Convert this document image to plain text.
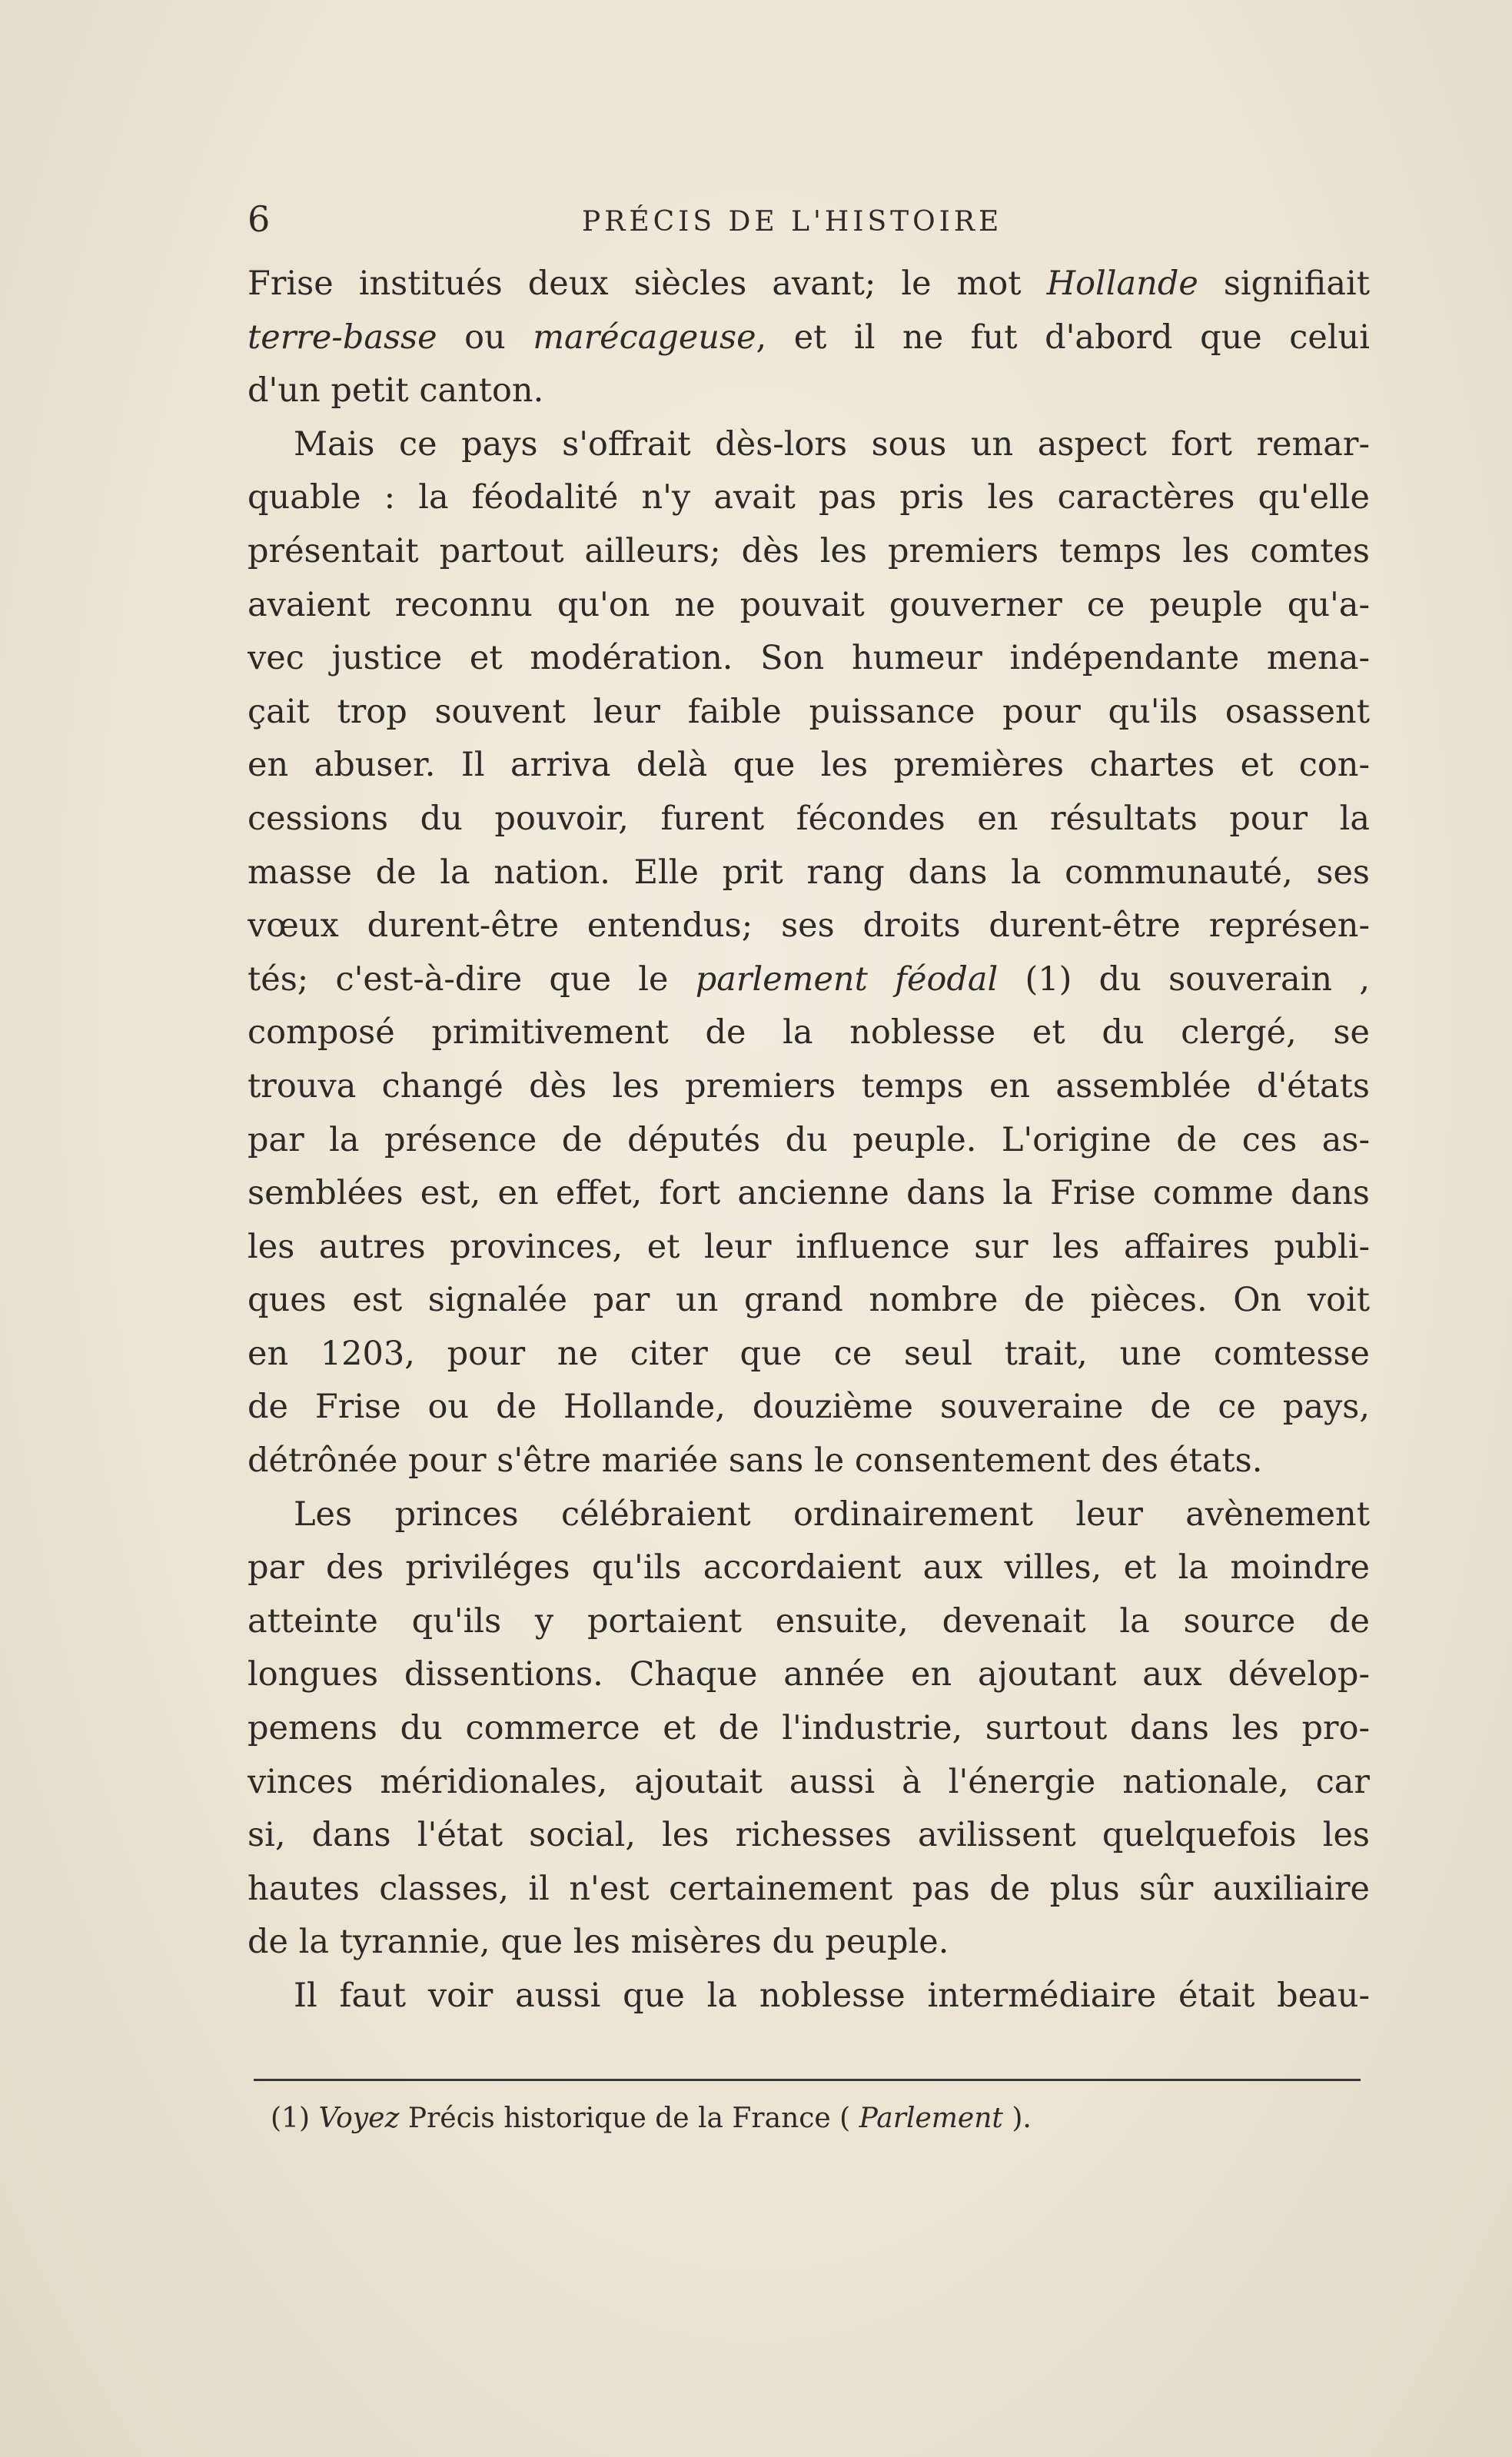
6	PRÉCIS DE L'HISTOIRE
Frise institués deux siècles avant; le mot Hollande signifiait
terre-basse ou marécageuse, et il ne fut d'abord que celui
d'un petit canton.
Mais ce pays s'offrait dès-lors sous un aspect fort remar-
quable : la féodalité n'y avait pas pris les caractères qu'elle
présentait partout ailleurs; dès les premiers temps les comtes
avaient reconnu qu'on ne pouvait gouverner ce peuple qu'a-
vec justice et modération. Son humeur indépendante mena-
çait trop souvent leur faible puissance pour qu'ils osassent
en abuser. Il arriva delà que les premières chartes et con-
cessions du pouvoir, furent fécondes en résultats pour la
masse de la nation. Elle prit rang dans la communauté, ses
vœux durent-être entendus; ses droits durent-être représen-
tés; c'est-à-dire que le parlement féodal (1) du souverain ,
composé primitivement de la noblesse et du clergé, se
trouva changé dès les premiers temps en assemblée d'états
par la présence de députés du peuple. L'origine de ces as-
semblées est, en effet, fort ancienne dans la Frise comme dans
les autres provinces, et leur influence sur les affaires publi-
ques est signalée par un grand nombre de pièces. On voit
en 1203, pour ne citer que ce seul trait, une comtesse
de Frise ou de Hollande, douzième souveraine de ce pays,
détrônée pour s'être mariée sans le consentement des états.
Les princes célébraient ordinairement leur avènement
par des priviléges qu'ils accordaient aux villes, et la moindre
atteinte qu'ils y portaient ensuite, devenait la source de
longues dissentions. Chaque année en ajoutant aux dévelop-
pemens du commerce et de l'industrie, surtout dans les pro-
vinces méridionales, ajoutait aussi à l'énergie nationale, car
si, dans l'état social, les richesses avilissent quelquefois les
hautes classes, il n'est certainement pas de plus sûr auxiliaire
de la tyrannie, que les misères du peuple.
Il faut voir aussi que la noblesse intermédiaire était beau-
(1) Voyez Précis historique de la France ( Parlement ).
